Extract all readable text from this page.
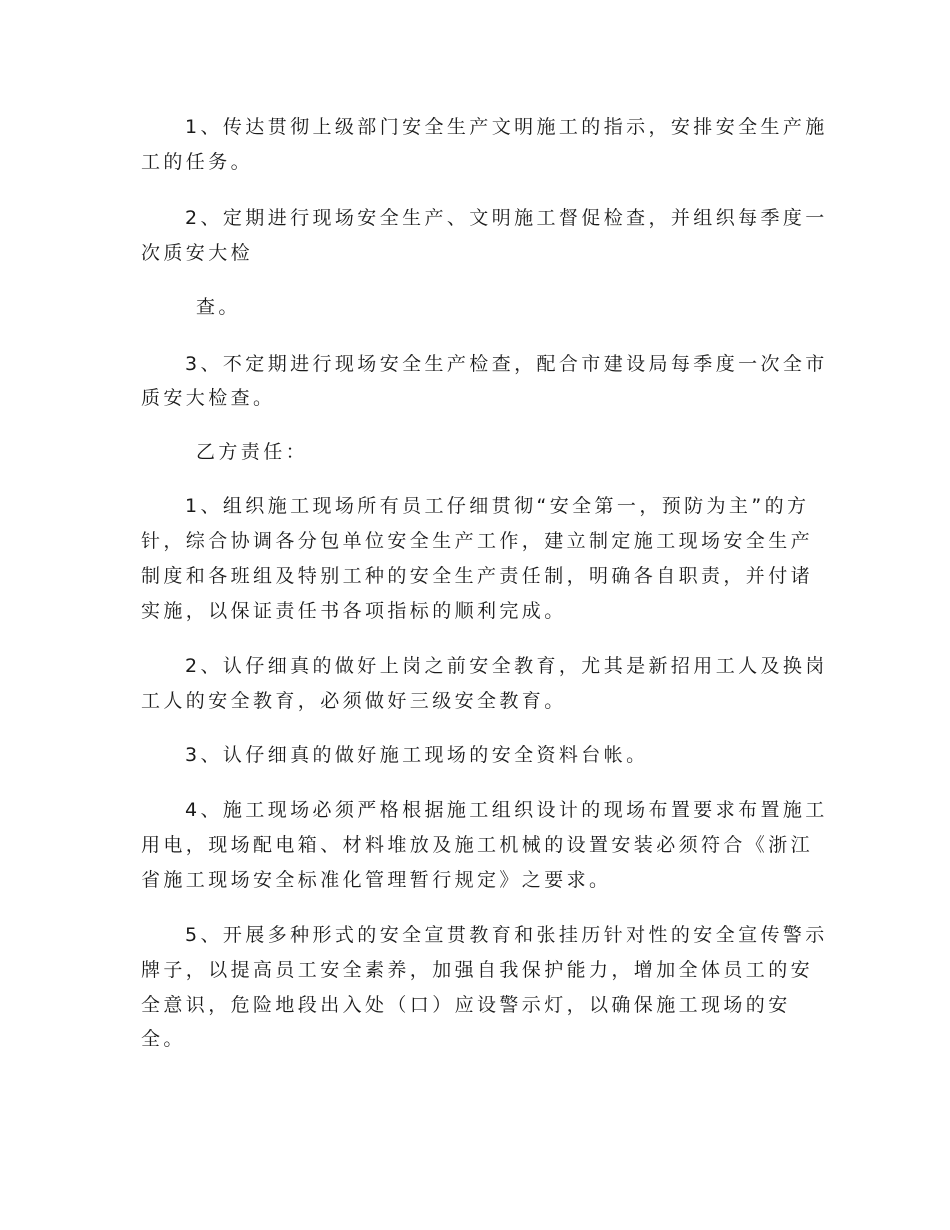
1、传达贯彻上级部门安全生产文明施工的指示，安排安全生产施

工的任务。

2、定期进行现场安全生产、文明施工督促检查，并组织每季度一

次质安大检

查。

3、不定期进行现场安全生产检查，配合市建设局每季度一次全市

质安大检查。

乙方责任：

1、组织施工现场所有员工仔细贯彻“安全第一，预防为主”的方

针，综合协调各分包单位安全生产工作，建立制定施工现场安全生产

制度和各班组及特别工种的安全生产责任制，明确各自职责，并付诸

实施，以保证责任书各项指标的顺利完成。

2、认仔细真的做好上岗之前安全教育，尤其是新招用工人及换岗

工人的安全教育，必须做好三级安全教育。

3、认仔细真的做好施工现场的安全资料台帐。

4、施工现场必须严格根据施工组织设计的现场布置要求布置施工

用电，现场配电箱、材料堆放及施工机械的设置安装必须符合《浙江

省施工现场安全标准化管理暂行规定》之要求。

5、开展多种形式的安全宣贯教育和张挂历针对性的安全宣传警示

牌子，以提高员工安全素养，加强自我保护能力，增加全体员工的安

全意识，危险地段出入处（口）应设警示灯，以确保施工现场的安

全。
